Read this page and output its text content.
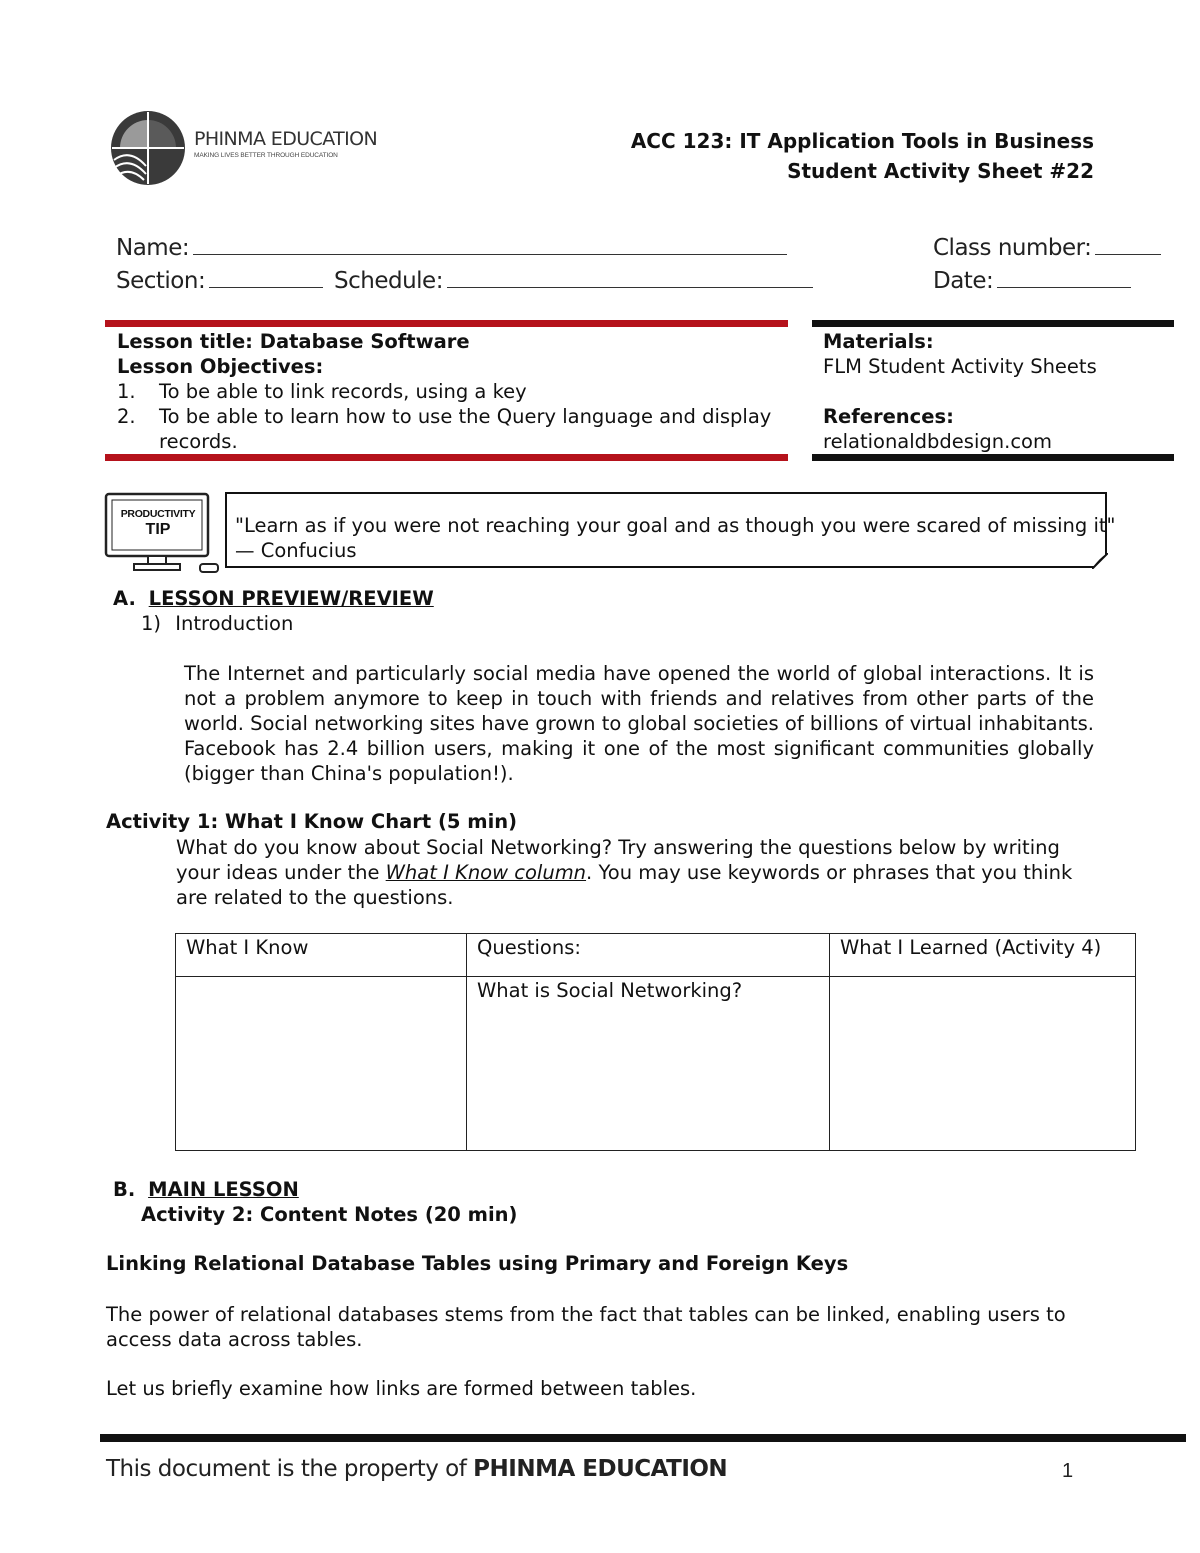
PHINMA EDUCATION
MAKING LIVES BETTER THROUGH EDUCATION
ACC 123: IT Application Tools in Business
Student Activity Sheet #22
Name:	Class number:
Section:	Schedule:	Date:
Lesson title: Database Software
Lesson Objectives:
1.	To be able to link records, using a key
2.	To be able to learn how to use the Query language and display records.
Materials:
FLM Student Activity Sheets
References:
relationaldbdesign.com
PRODUCTIVITY
TIP	"Learn as if you were not reaching your goal and as though you were scared of missing it"
— Confucius
A. LESSON PREVIEW/REVIEW
1) Introduction
The Internet and particularly social media have opened the world of global interactions. It is not a problem anymore to keep in touch with friends and relatives from other parts of the world. Social networking sites have grown to global societies of billions of virtual inhabitants. Facebook has 2.4 billion users, making it one of the most significant communities globally (bigger than China's population!).
Activity 1: What I Know Chart (5 min)
What do you know about Social Networking? Try answering the questions below by writing your ideas under the What I Know column. You may use keywords or phrases that you think are related to the questions.
What I Know	Questions:	What I Learned (Activity 4)
	What is Social Networking?	
B. MAIN LESSON
Activity 2: Content Notes (20 min)
Linking Relational Database Tables using Primary and Foreign Keys
The power of relational databases stems from the fact that tables can be linked, enabling users to access data across tables.
Let us briefly examine how links are formed between tables.
This document is the property of PHINMA EDUCATION	1
